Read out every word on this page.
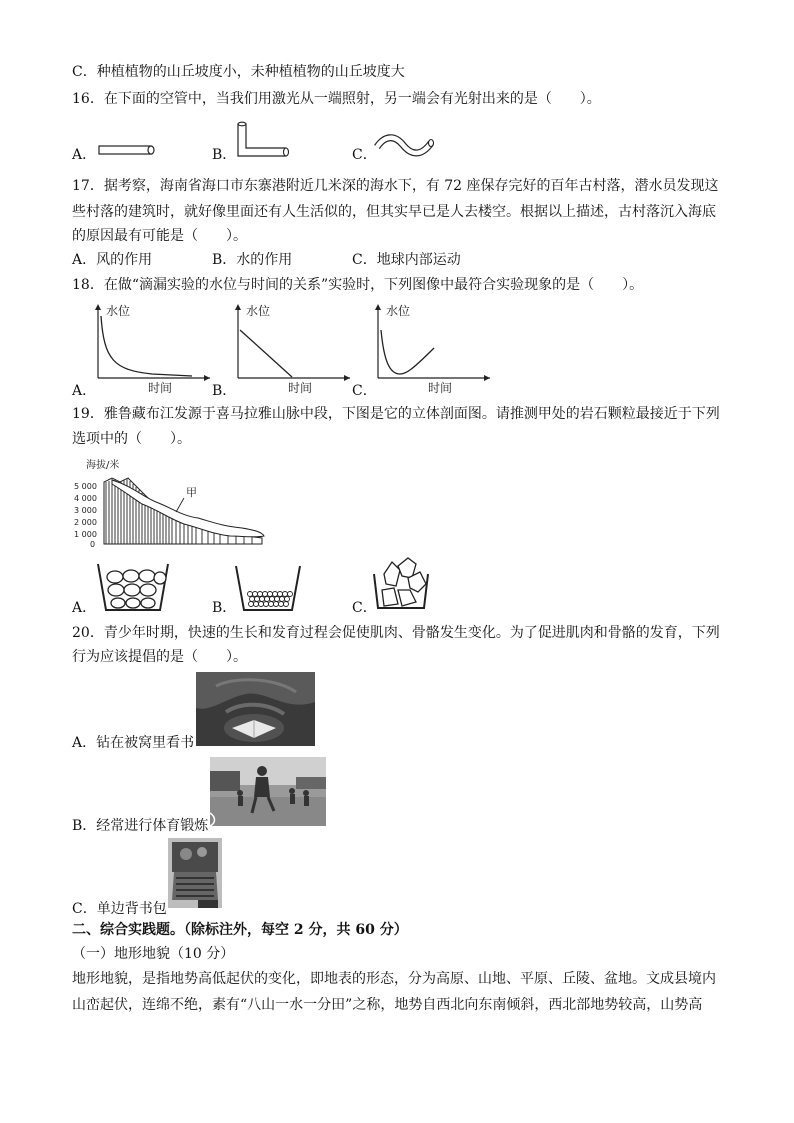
C．种植植物的山丘坡度小，未种植植物的山丘坡度大
16．在下面的空管中，当我们用激光从一端照射，另一端会有光射出来的是（　　）。
A．	B．	C．
17．据考察，海南省海口市东寨港附近几米深的海水下，有 72 座保存完好的百年古村落，潜水员发现这
些村落的建筑时，就好像里面还有人生活似的，但其实早已是人去楼空。根据以上描述，古村落沉入海底
的原因最有可能是（　　）。
A．风的作用	B．水的作用	C．地球内部运动
18．在做“滴漏实验的水位与时间的关系”实验时，下列图像中最符合实验现象的是（　　）。
A．
水位
时间	B．
水位
时间	C．
水位
时间
19．雅鲁藏布江发源于喜马拉雅山脉中段，下图是它的立体剖面图。请推测甲处的岩石颗粒最接近于下列
选项中的（　　）。
海拔/米
5 000
4 000
3 000
2 000
1 000
0
甲
A．	B．	C．
20．青少年时期，快速的生长和发育过程会促使肌肉、骨骼发生变化。为了促进肌肉和骨骼的发育，下列
行为应该提倡的是（　　）。
A．钻在被窝里看书
B．经常进行体育锻炼
C．单边背书包
二、综合实践题。（除标注外，每空 2 分，共 60 分）
（一）地形地貌（10 分）
地形地貌，是指地势高低起伏的变化，即地表的形态，分为高原、山地、平原、丘陵、盆地。文成县境内
山峦起伏，连绵不绝，素有“八山一水一分田”之称，地势自西北向东南倾斜，西北部地势较高，山势高
